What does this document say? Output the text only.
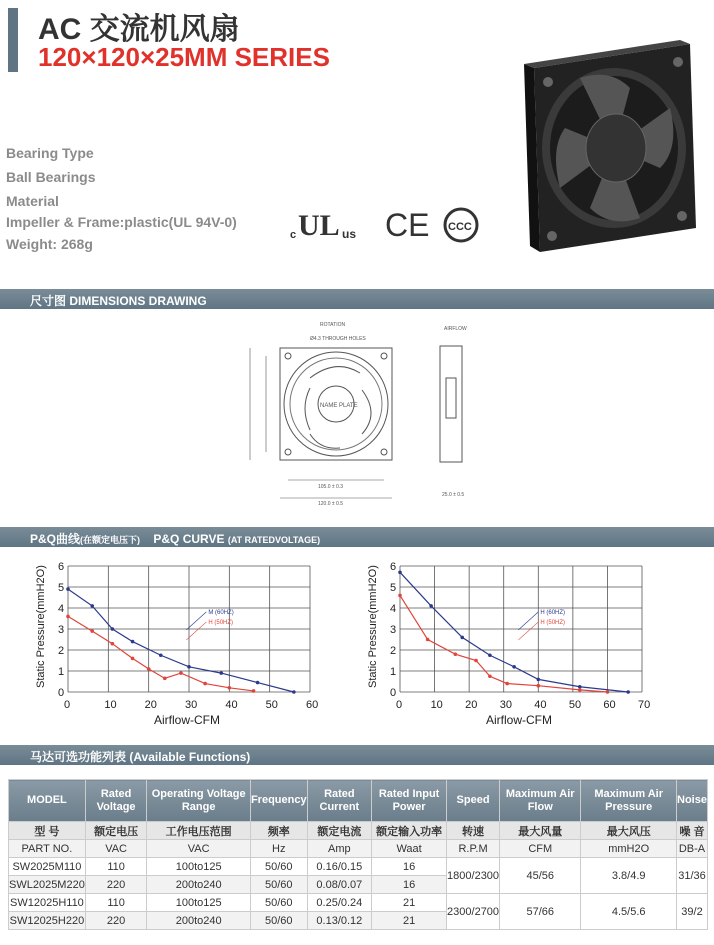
AC 交流机风扇
120×120×25MM SERIES
Bearing Type
Ball Bearings
Material
Impeller & Frame:plastic(UL 94V-0)
Weight: 268g
c UL us CE CCC
尺寸图 DIMENSIONS DRAWING
ROTATION
Ø4.3 THROUGH HOLES
NAME PLATE
105.0 ± 0.3
120.0 ± 0.5
AIRFLOW
25.0 ± 0.5
P&Q曲线(在额定电压下) P&Q CURVE (AT RATEDVOLTAGE)
0
1
2
3
4
5
6
0	10	20	30	40	50	60
Airflow-CFM
Static Pressure(mmH2O)	M (60HZ)
H (50HZ)
0
1
2
3
4
5
6
0	10 20 30 40 50 60 70
Airflow-CFM
Static Pressure(mmH2O)	H (60HZ)
H (50HZ)
马达可选功能列表 (Available Functions)
MODEL	Rated Voltage	Operating Voltage Range	Frequency	Rated Current	Rated Input Power	Speed	Maximum Air Flow	Maximum Air Pressure	Noise
型 号	额定电压	工作电压范围	频率	额定电流	额定输入功率	转速	最大风量	最大风压	噪 音
PART NO.	VAC	VAC	Hz	Amp	Waat	R.P.M	CFM	mmH2O	DB-A
SW2025M110	110	100to125	50/60	0.16/0.15	16	1800/2300	45/56	3.8/4.9	31/36
SWL2025M220	220	200to240	50/60	0.08/0.07	16				
SW12025H110	110	100to125	50/60	0.25/0.24	21	2300/2700	57/66	4.5/5.6	39/2
SW12025H220	220	200to240	50/60	0.13/0.12	21				
